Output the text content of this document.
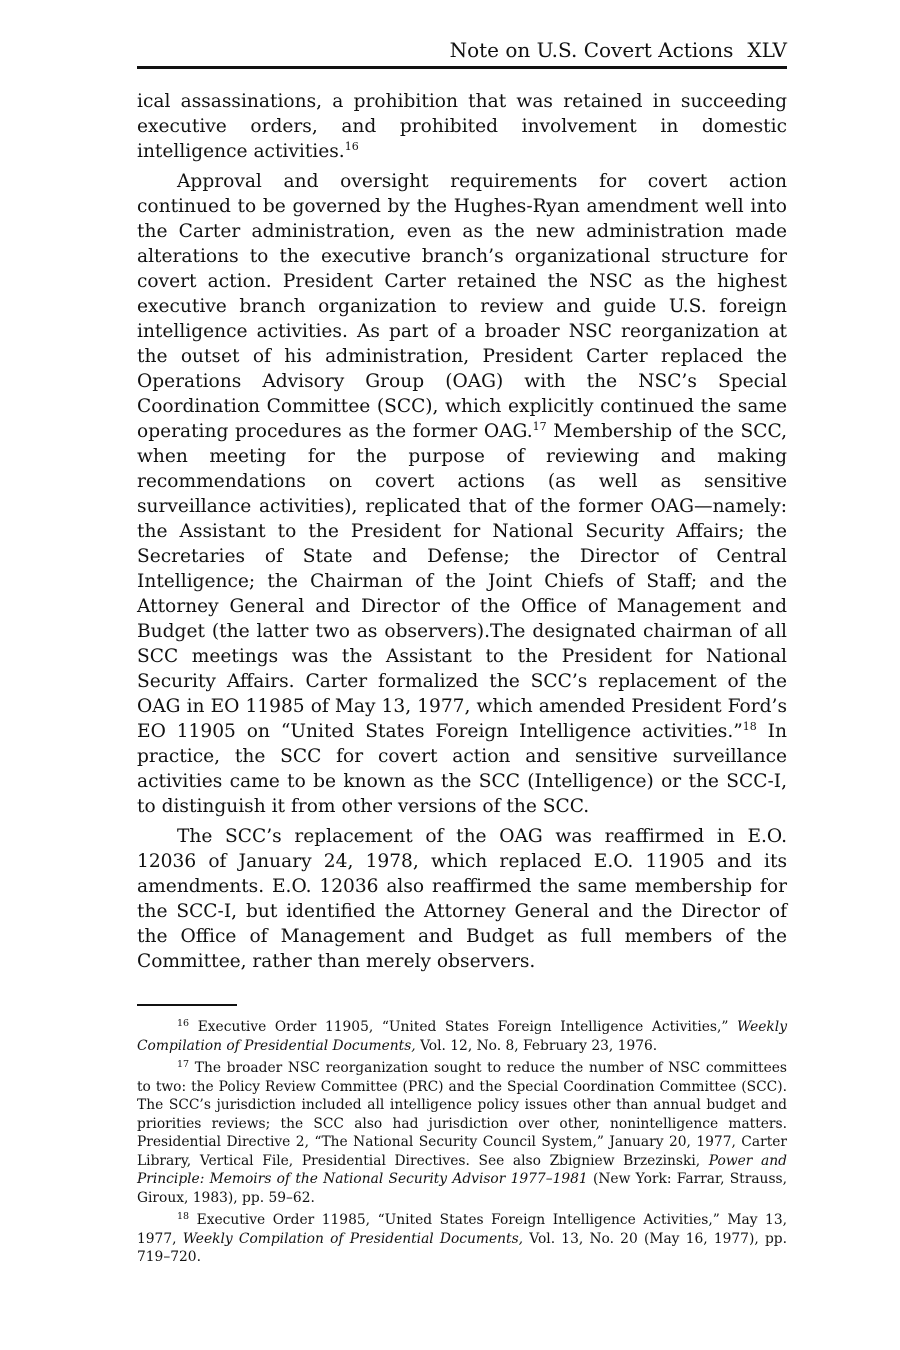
Note on U.S. Covert Actions XLV

ical assassinations, a prohibition that was retained in succeeding executive orders, and prohibited involvement in domestic intelligence activities.$^{16}$

Approval and oversight requirements for covert action continued to be governed by the Hughes-Ryan amendment well into the Carter administration, even as the new administration made alterations to the executive branch’s organizational structure for covert action. President Carter retained the NSC as the highest executive branch organization to review and guide U.S. foreign intelligence activities. As part of a broader NSC reorganization at the outset of his administration, President Carter replaced the Operations Advisory Group (OAG) with the NSC’s Special Coordination Committee (SCC), which explicitly continued the same operating procedures as the former OAG.$^{17}$ Membership of the SCC, when meeting for the purpose of reviewing and making recommendations on covert actions (as well as sensitive surveillance activities), replicated that of the former OAG—namely: the Assistant to the President for National Security Affairs; the Secretaries of State and Defense; the Director of Central Intelligence; the Chairman of the Joint Chiefs of Staff; and the Attorney General and Director of the Office of Management and Budget (the latter two as observers).The designated chairman of all SCC meetings was the Assistant to the President for National Security Affairs. Carter formalized the SCC’s replacement of the OAG in EO 11985 of May 13, 1977, which amended President Ford’s EO 11905 on “United States Foreign Intelligence activities.”$^{18}$ In practice, the SCC for covert action and sensitive surveillance activities came to be known as the SCC (Intelligence) or the SCC-I, to distinguish it from other versions of the SCC.

The SCC’s replacement of the OAG was reaffirmed in E.O. 12036 of January 24, 1978, which replaced E.O. 11905 and its amendments. E.O. 12036 also reaffirmed the same membership for the SCC-I, but identified the Attorney General and the Director of the Office of Management and Budget as full members of the Committee, rather than merely observers.

$^{16}$ Executive Order 11905, “United States Foreign Intelligence Activities,” Weekly Compilation of Presidential Documents, Vol. 12, No. 8, February 23, 1976.

$^{17}$ The broader NSC reorganization sought to reduce the number of NSC committees to two: the Policy Review Committee (PRC) and the Special Coordination Committee (SCC). The SCC’s jurisdiction included all intelligence policy issues other than annual budget and priorities reviews; the SCC also had jurisdiction over other, nonintelligence matters. Presidential Directive 2, “The National Security Council System,” January 20, 1977, Carter Library, Vertical File, Presidential Directives. See also Zbigniew Brzezinski, Power and Principle: Memoirs of the National Security Advisor 1977–1981 (New York: Farrar, Strauss, Giroux, 1983), pp. 59–62.

$^{18}$ Executive Order 11985, “United States Foreign Intelligence Activities,” May 13, 1977, Weekly Compilation of Presidential Documents, Vol. 13, No. 20 (May 16, 1977), pp. 719–720.
